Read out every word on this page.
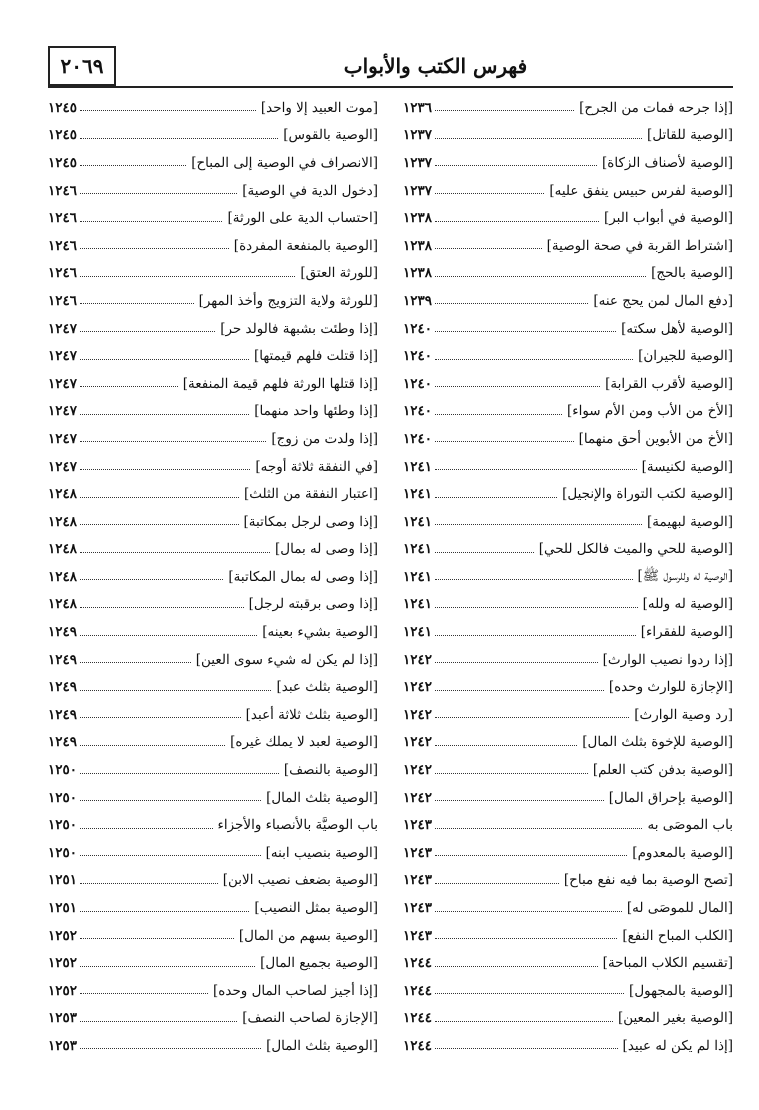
٢٠٦٩	فهرس الكتب والأبواب
[إذا جرحه فمات من الجرح]
١٢٣٦
[الوصية للقاتل]
١٢٣٧
[الوصية لأصناف الزكاة]
١٢٣٧
[الوصية لفرس حبيس ينفق عليه]
١٢٣٧
[الوصية في أبواب البر]
١٢٣٨
[اشتراط القربة في صحة الوصية]
١٢٣٨
[الوصية بالحج]
١٢٣٨
[دفع المال لمن يحج عنه]
١٢٣٩
[الوصية لأهل سكته]
١٢٤٠
[الوصية للجيران]
١٢٤٠
[الوصية لأقرب القرابة]
١٢٤٠
[الأخ من الأب ومن الأم سواء]
١٢٤٠
[الأخ من الأبوين أحق منهما]
١٢٤٠
[الوصية لكنيسة]
١٢٤١
[الوصية لكتب التوراة والإنجيل]
١٢٤١
[الوصية لبهيمة]
١٢٤١
[الوصية للحي والميت فالكل للحي]
١٢٤١
[الوصية له وللرسول ﷺ]
١٢٤١
[الوصية له ولله]
١٢٤١
[الوصية للفقراء]
١٢٤١
[إذا ردوا نصيب الوارث]
١٢٤٢
[الإجازة للوارث وحده]
١٢٤٢
[رد وصية الوارث]
١٢٤٢
[الوصية للإخوة بثلث المال]
١٢٤٢
[الوصية بدفن كتب العلم]
١٢٤٢
[الوصية بإحراق المال]
١٢٤٢
باب الموصَى به
١٢٤٣
[الوصية بالمعدوم]
١٢٤٣
[تصح الوصية بما فيه نفع مباح]
١٢٤٣
[المال للموصَى له]
١٢٤٣
[الكلب المباح النفع]
١٢٤٣
[تقسيم الكلاب المباحة]
١٢٤٤
[الوصية بالمجهول]
١٢٤٤
[الوصية بغير المعين]
١٢٤٤
[إذا لم يكن له عبيد]
١٢٤٤
[موت العبيد إلا واحد]
١٢٤٥
[الوصية بالقوس]
١٢٤٥
[الانصراف في الوصية إلى المباح]
١٢٤٥
[دخول الدية في الوصية]
١٢٤٦
[احتساب الدية على الورثة]
١٢٤٦
[الوصية بالمنفعة المفردة]
١٢٤٦
[للورثة العتق]
١٢٤٦
[للورثة ولاية التزويج وأخذ المهر]
١٢٤٦
[إذا وطئت بشبهة فالولد حر]
١٢٤٧
[إذا قتلت فلهم قيمتها]
١٢٤٧
[إذا قتلها الورثة فلهم قيمة المنفعة]
١٢٤٧
[إذا وطئها واحد منهما]
١٢٤٧
[إذا ولدت من زوج]
١٢٤٧
[في النفقة ثلاثة أوجه]
١٢٤٧
[اعتبار النفقة من الثلث]
١٢٤٨
[إذا وصى لرجل بمكاتبة]
١٢٤٨
[إذا وصى له بمال]
١٢٤٨
[إذا وصى له بمال المكاتبة]
١٢٤٨
[إذا وصى برقبته لرجل]
١٢٤٨
[الوصية بشيء بعينه]
١٢٤٩
[إذا لم يكن له شيء سوى العين]
١٢٤٩
[الوصية بثلث عبد]
١٢٤٩
[الوصية بثلث ثلاثة أعبد]
١٢٤٩
[الوصية لعبد لا يملك غيره]
١٢٤٩
[الوصية بالنصف]
١٢٥٠
[الوصية بثلث المال]
١٢٥٠
باب الوصيَّة بالأنصباء والأجزاء
١٢٥٠
[الوصية بنصيب ابنه]
١٢٥٠
[الوصية بضعف نصيب الابن]
١٢٥١
[الوصية بمثل النصيب]
١٢٥١
[الوصية بسهم من المال]
١٢٥٢
[الوصية بجميع المال]
١٢٥٢
[إذا أجيز لصاحب المال وحده]
١٢٥٢
[الإجازة لصاحب النصف]
١٢٥٣
[الوصية بثلث المال]
١٢٥٣
